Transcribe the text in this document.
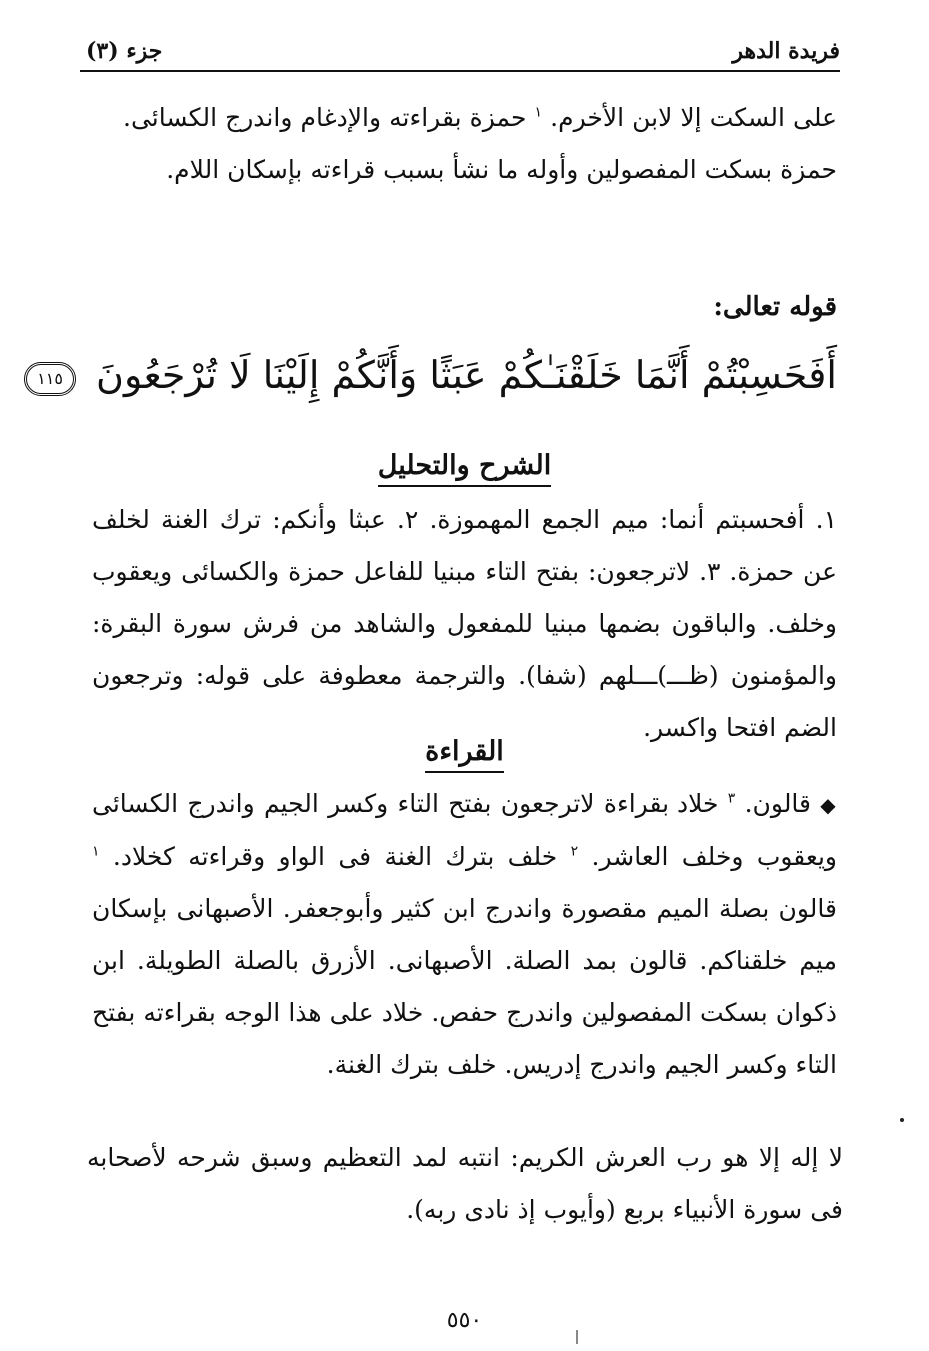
فريدة الدهر
جزء (٣)

على السكت إلا لابن الأخرم. $^١$ حمزة بقراءته والإدغام واندرج الكسائى. حمزة بسكت المفصولين وأوله ما نشأ بسبب قراءته بإسكان اللام.

قوله تعالى:
أَفَحَسِبْتُمْ أَنَّمَا خَلَقْنَـٰكُمْ عَبَثًا وَأَنَّكُمْ إِلَيْنَا لَا تُرْجَعُونَ ١١٥
الشرح والتحليل

١. أفحسبتم أنما: ميم الجمع المهموزة. ٢. عبثا وأنكم: ترك الغنة لخلف عن حمزة. ٣. لاترجعون: بفتح التاء مبنيا للفاعل حمزة والكسائى ويعقوب وخلف. والباقون بضمها مبنيا للمفعول والشاهد من فرش سورة البقرة: والمؤمنون (ظـــ)ـــلهم (شفا). والترجمة معطوفة على قوله: وترجعون الضم افتحا واكسر.

القراءة

◆ قالون. $^٣$ خلاد بقراءة لاترجعون بفتح التاء وكسر الجيم واندرج الكسائى ويعقوب وخلف العاشر. $^٢$ خلف بترك الغنة فى الواو وقراءته كخلاد. $^١$ قالون بصلة الميم مقصورة واندرج ابن كثير وأبوجعفر. الأصبهانى بإسكان ميم خلقناكم. قالون بمد الصلة. الأصبهانى. الأزرق بالصلة الطويلة. ابن ذكوان بسكت المفصولين واندرج حفص. خلاد على هذا الوجه بقراءته بفتح التاء وكسر الجيم واندرج إدريس. خلف بترك الغنة.

لا إله إلا هو رب العرش الكريم: انتبه لمد التعظيم وسبق شرحه لأصحابه فى سورة الأنبياء بربع (وأيوب إذ نادى ربه).

٥٥٠
